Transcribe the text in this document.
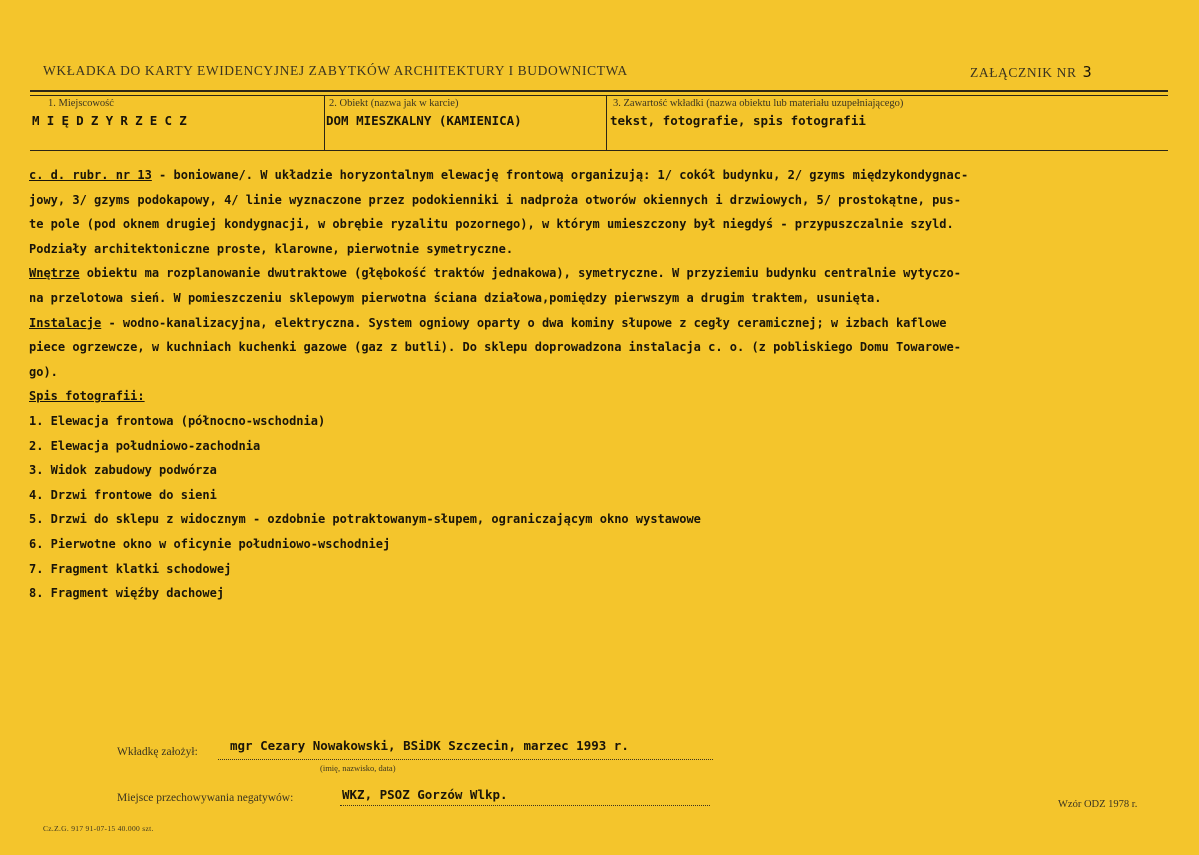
WKŁADKA DO KARTY EWIDENCYJNEJ ZABYTKÓW ARCHITEKTURY I BUDOWNICTWA	ZAŁĄCZNIK NR 3
1. Miejscowość
MIĘDZYRZECZ
2. Obiekt (nazwa jak w karcie)
DOM MIESZKALNY (KAMIENICA)
3. Zawartość wkładki (nazwa obiektu lub materiału uzupełniającego)
tekst, fotografie, spis fotografii
c. d. rubr. nr 13 - boniowane/. W układzie horyzontalnym elewację frontową organizują: 1/ cokół budynku, 2/ gzyms międzykondygnac-
jowy, 3/ gzyms podokapowy, 4/ linie wyznaczone przez podokienniki i nadproża otworów okiennych i drzwiowych, 5/ prostokątne, pus-
te pole (pod oknem drugiej kondygnacji, w obrębie ryzalitu pozornego), w którym umieszczony był niegdyś - przypuszczalnie szyld.
Podziały architektoniczne proste, klarowne, pierwotnie symetryczne.
Wnętrze obiektu ma rozplanowanie dwutraktowe (głębokość traktów jednakowa), symetryczne. W przyziemiu budynku centralnie wytyczo-
na przelotowa sień. W pomieszczeniu sklepowym pierwotna ściana działowa,pomiędzy pierwszym a drugim traktem, usunięta.
Instalacje - wodno-kanalizacyjna, elektryczna. System ogniowy oparty o dwa kominy słupowe z cegły ceramicznej; w izbach kaflowe
piece ogrzewcze, w kuchniach kuchenki gazowe (gaz z butli). Do sklepu doprowadzona instalacja c. o. (z pobliskiego Domu Towarowe-
go).
Spis fotografii:
1. Elewacja frontowa (północno-wschodnia)
2. Elewacja południowo-zachodnia
3. Widok zabudowy podwórza
4. Drzwi frontowe do sieni
5. Drzwi do sklepu z widocznym - ozdobnie potraktowanym-słupem, ograniczającym okno wystawowe
6. Pierwotne okno w oficynie południowo-wschodniej
7. Fragment klatki schodowej
8. Fragment więźby dachowej
Wkładkę założył:	mgr Cezary Nowakowski, BSiDK Szczecin, marzec 1993 r.
(imię, nazwisko, data)
Miejsce przechowywania negatywów:	WKZ, PSOZ Gorzów Wlkp.
Wzór ODZ 1978 r.
Cz.Z.G. 917 91-07-15 40.000 szt.
